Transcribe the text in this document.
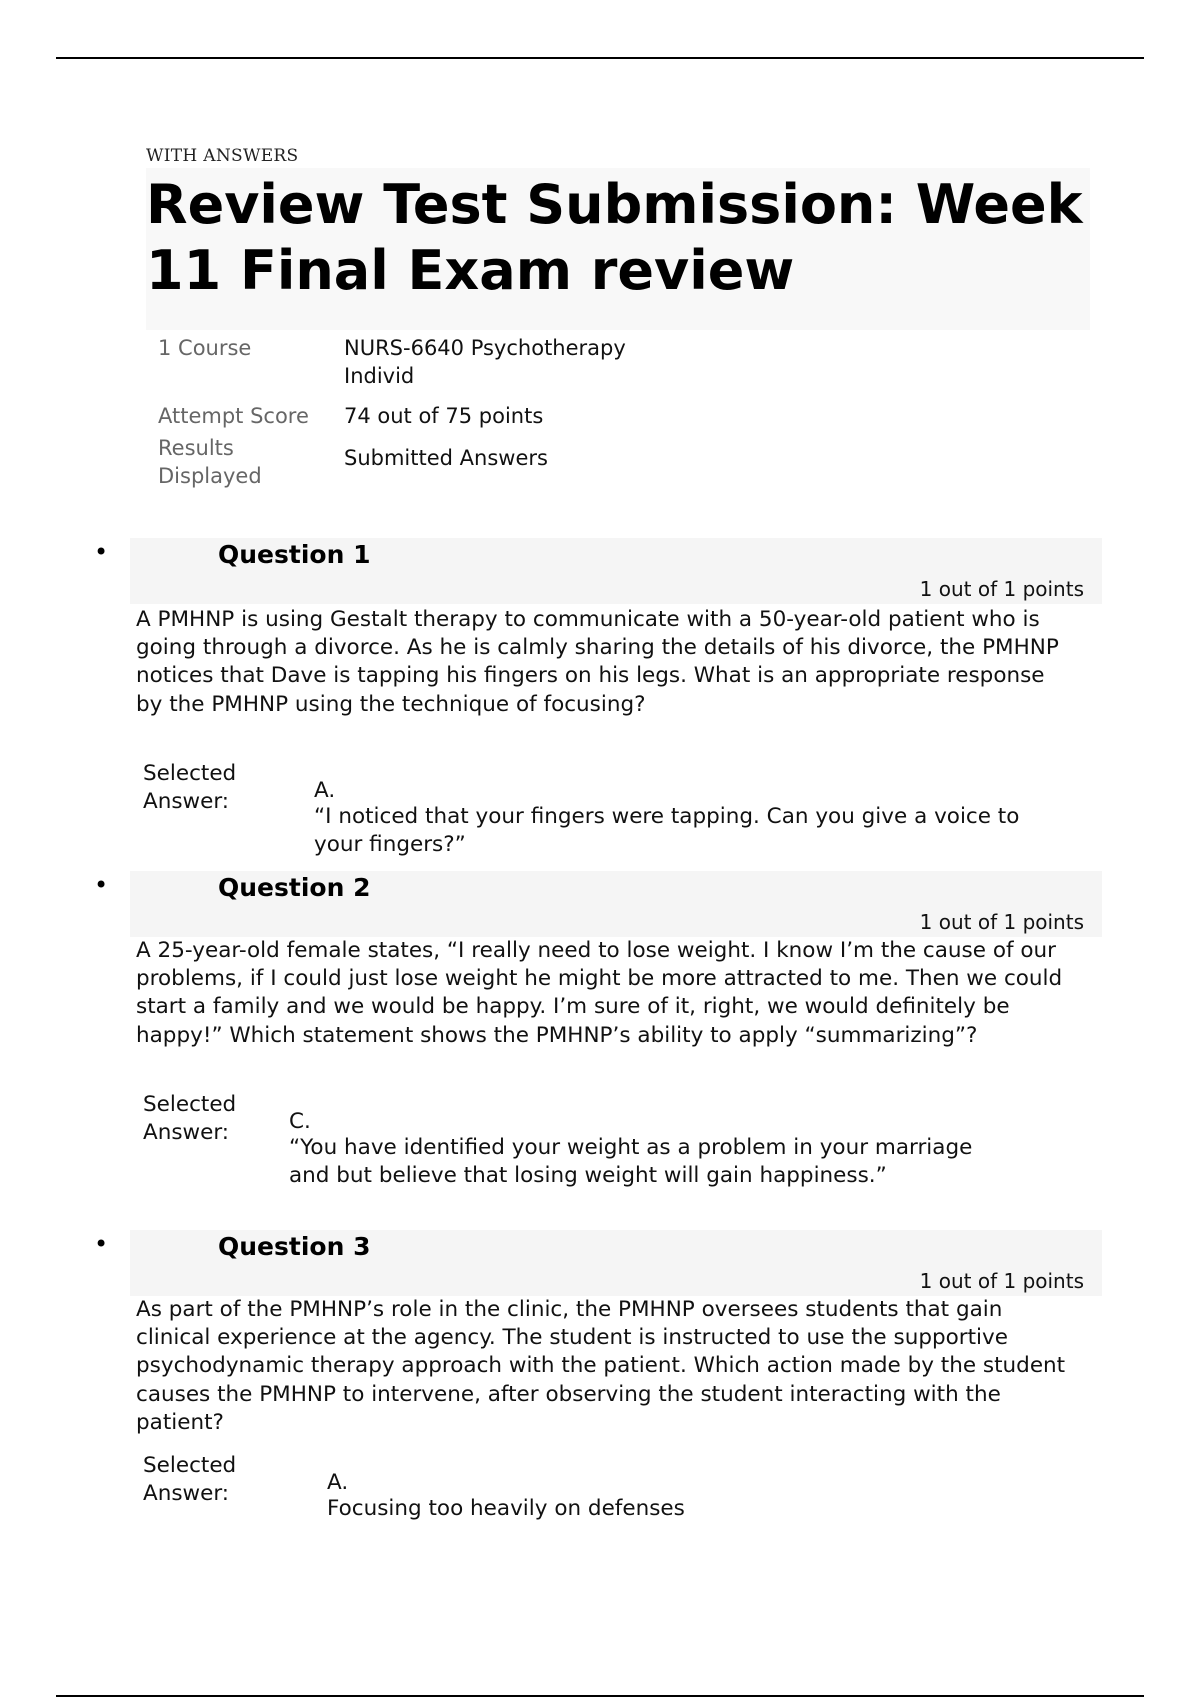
WITH ANSWERS
Review Test Submission: Week 11 Final Exam review
1 Course	NURS-6640 Psychotherapy Individ
Attempt Score	74 out of 75 points
Results Displayed	Submitted Answers
•	Question 1
1 out of 1 points

A PMHNP is using Gestalt therapy to communicate with a 50-year-old patient who is going through a divorce. As he is calmly sharing the details of his divorce, the PMHNP notices that Dave is tapping his fingers on his legs. What is an appropriate response by the PMHNP using the technique of focusing?

Selected Answer:	A.
“I noticed that your fingers were tapping. Can you give a voice to your fingers?”
•	Question 2
1 out of 1 points

A 25-year-old female states, “I really need to lose weight. I know I’m the cause of our problems, if I could just lose weight he might be more attracted to me. Then we could start a family and we would be happy. I’m sure of it, right, we would definitely be happy!” Which statement shows the PMHNP’s ability to apply “summarizing”?

Selected Answer:	C.
“You have identified your weight as a problem in your marriage and but believe that losing weight will gain happiness.”
•	Question 3
1 out of 1 points

As part of the PMHNP’s role in the clinic, the PMHNP oversees students that gain clinical experience at the agency. The student is instructed to use the supportive psychodynamic therapy approach with the patient. Which action made by the student causes the PMHNP to intervene, after observing the student interacting with the patient?

Selected Answer:	A.
Focusing too heavily on defenses
